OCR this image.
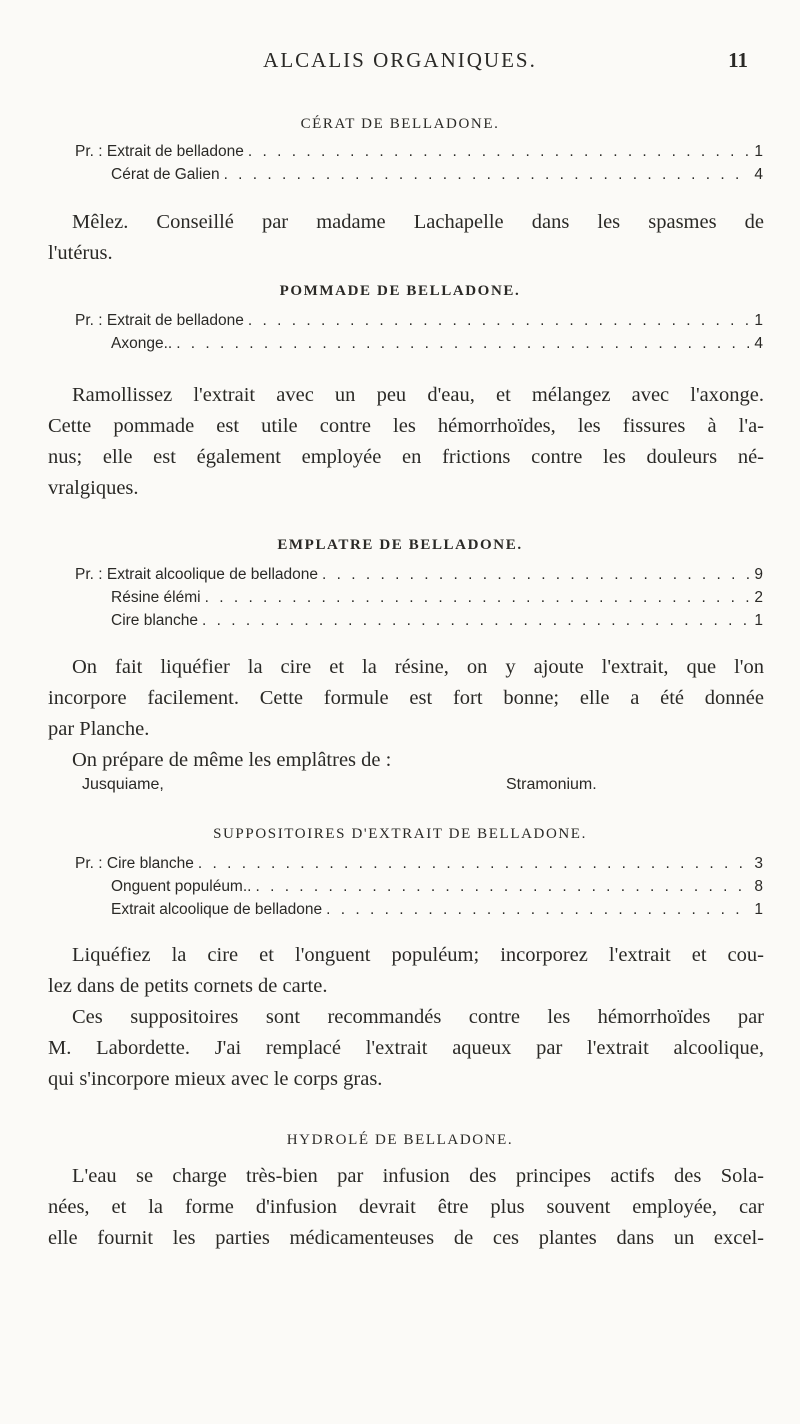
ALCALIS ORGANIQUES.	11
CÉRAT DE BELLADONE.
Pr. : Extrait de belladone . . .	1
Cérat de Galien . . .	4

Mêlez. Conseillé par madame Lachapelle dans les spasmes de
l'utérus.

POMMADE DE BELLADONE.
Pr. : Extrait de belladone . . .	1
Axonge.. . . .	4

Ramollissez l'extrait avec un peu d'eau, et mélangez avec l'axonge.
Cette pommade est utile contre les hémorrhoïdes, les fissures à l'a-
nus; elle est également employée en frictions contre les douleurs né-
vralgiques.

EMPLATRE DE BELLADONE.
Pr. : Extrait alcoolique de belladone . . .	9
Résine élémi . . .	2
Cire blanche . . .	1

On fait liquéfier la cire et la résine, on y ajoute l'extrait, que l'on
incorpore facilement. Cette formule est fort bonne; elle a été donnée
par Planche.
On prépare de même les emplâtres de :

Jusquiame,	Stramonium.
SUPPOSITOIRES D'EXTRAIT DE BELLADONE.
Pr. : Cire blanche . . .	3
Onguent populéum.. . . .	8
Extrait alcoolique de belladone . . .	1

Liquéfiez la cire et l'onguent populéum; incorporez l'extrait et cou-
lez dans de petits cornets de carte.
Ces suppositoires sont recommandés contre les hémorrhoïdes par
M. Labordette. J'ai remplacé l'extrait aqueux par l'extrait alcoolique,
qui s'incorpore mieux avec le corps gras.

HYDROLÉ DE BELLADONE.

L'eau se charge très-bien par infusion des principes actifs des Sola-
nées, et la forme d'infusion devrait être plus souvent employée, car
elle fournit les parties médicamenteuses de ces plantes dans un excel-
